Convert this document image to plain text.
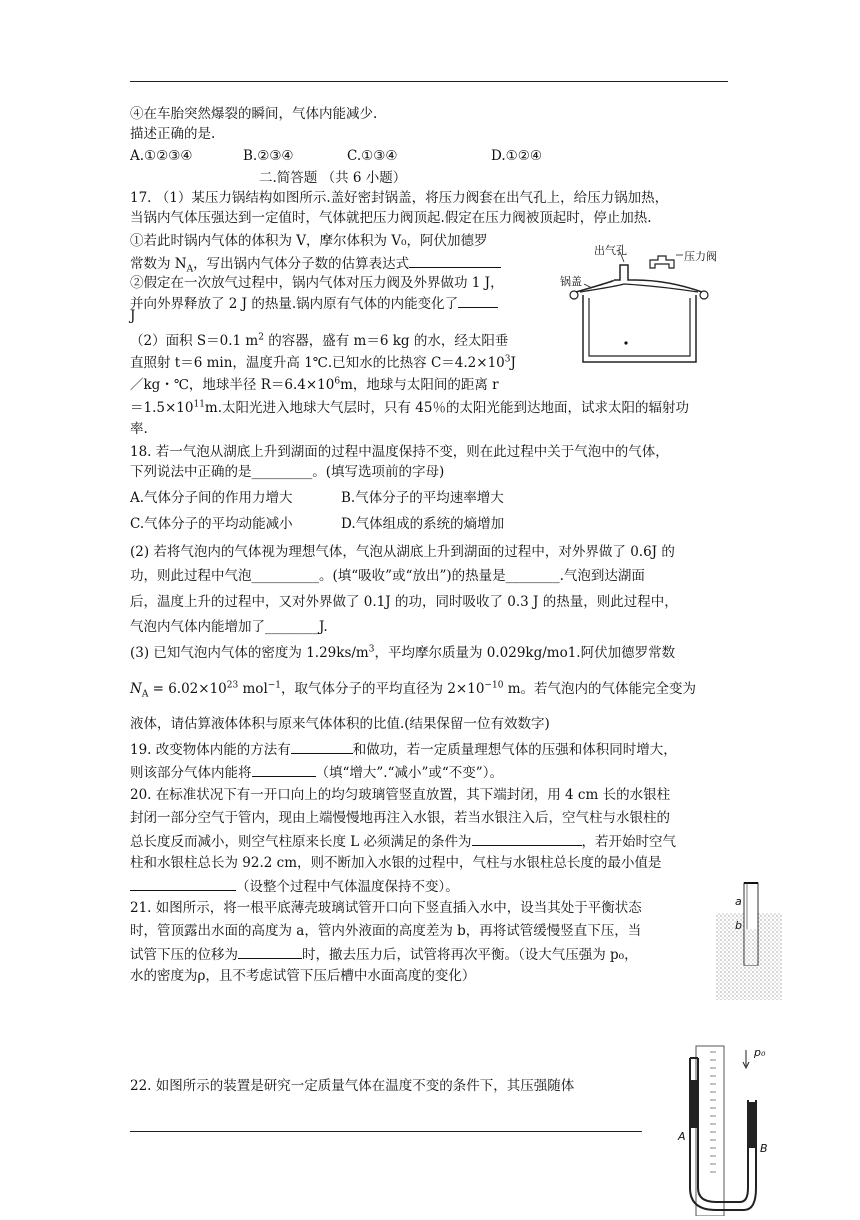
④在车胎突然爆裂的瞬间，气体内能减少.
描述正确的是.
A.①②③④	B.②③④	C.①③④	D.①②④
二.简答题 （共 6 小题）
17. （1）某压力锅结构如图所示.盖好密封锅盖，将压力阀套在出气孔上，给压力锅加热，
当锅内气体压强达到一定值时，气体就把压力阀顶起.假定在压力阀被顶起时，停止加热.
①若此时锅内气体的体积为 V，摩尔体积为 V₀，阿伏加德罗
常数为 $N_A$，写出锅内气体分子数的估算表达式
②假定在一次放气过程中，锅内气体对压力阀及外界做功 1 J，
并向外界释放了 2 J 的热量.锅内原有气体的内能变化了
J
（2）面积 S＝0.1 $m^2$ 的容器，盛有 m＝6 kg 的水，经太阳垂
直照射 t＝6 min，温度升高 1℃.已知水的比热容 $C=4.2\times 10^3J$
／kg・℃，地球半径 $R=6.4\times 10^6m$，地球与太阳间的距离 r
$=1.5\times 10^{11}m$.太阳光进入地球大气层时，只有 45％的太阳光能到达地面，试求太阳的辐射功
率.
出气孔	压力阀
锅盖
18. 若一气泡从湖底上升到湖面的过程中温度保持不变，则在此过程中关于气泡中的气体，
下列说法中正确的是_________。(填写选项前的字母)
A.气体分子间的作用力增大	B.气体分子的平均速率增大
C.气体分子的平均动能减小	D.气体组成的系统的熵增加
(2) 若将气泡内的气体视为理想气体，气泡从湖底上升到湖面的过程中，对外界做了 0.6J 的
功，则此过程中气泡__________。(填“吸收”或“放出”)的热量是________.气泡到达湖面
后，温度上升的过程中，又对外界做了 0.1J 的功，同时吸收了 0.3 J 的热量，则此过程中，
气泡内气体内能增加了________J.
(3) 已知气泡内气体的密度为 $1.29ks/m^3$，平均摩尔质量为 0.029kg/mo1.阿伏加德罗常数
$N_A = 6.02\times 10^{23}$ mol$^{-1}$，取气体分子的平均直径为 $2\times 10^{-10}$ m。若气泡内的气体能完全变为
液体，请估算液体体积与原来气体体积的比值.(结果保留一位有效数字)
19. 改变物体内能的方法有	和做功，若一定质量理想气体的压强和体积同时增大，
则该部分气体内能将	（填“增大”.“减小”或“不变”）。
20. 在标准状况下有一开口向上的均匀玻璃管竖直放置，其下端封闭，用 4 cm 长的水银柱
封闭一部分空气于管内，现由上端慢慢地再注入水银，若当水银注入后，空气柱与水银柱的
总长度反而减小，则空气柱原来长度 L 必须满足的条件为	，若开始时空气
柱和水银柱总长为 92.2 cm，则不断加入水银的过程中，气柱与水银柱总长度的最小值是
（设整个过程中气体温度保持不变）。
21. 如图所示，将一根平底薄壳玻璃试管开口向下竖直插入水中，设当其处于平衡状态
时，管顶露出水面的高度为 a，管内外液面的高度差为 b，再将试管缓慢竖直下压，当
试管下压的位移为	时，撤去压力后，试管将再次平衡。（设大气压强为 p₀，
水的密度为ρ，且不考虑试管下压后槽中水面高度的变化）
a
b
22. 如图所示的装置是研究一定质量气体在温度不变的条件下，其压强随体
A
B
p₀
